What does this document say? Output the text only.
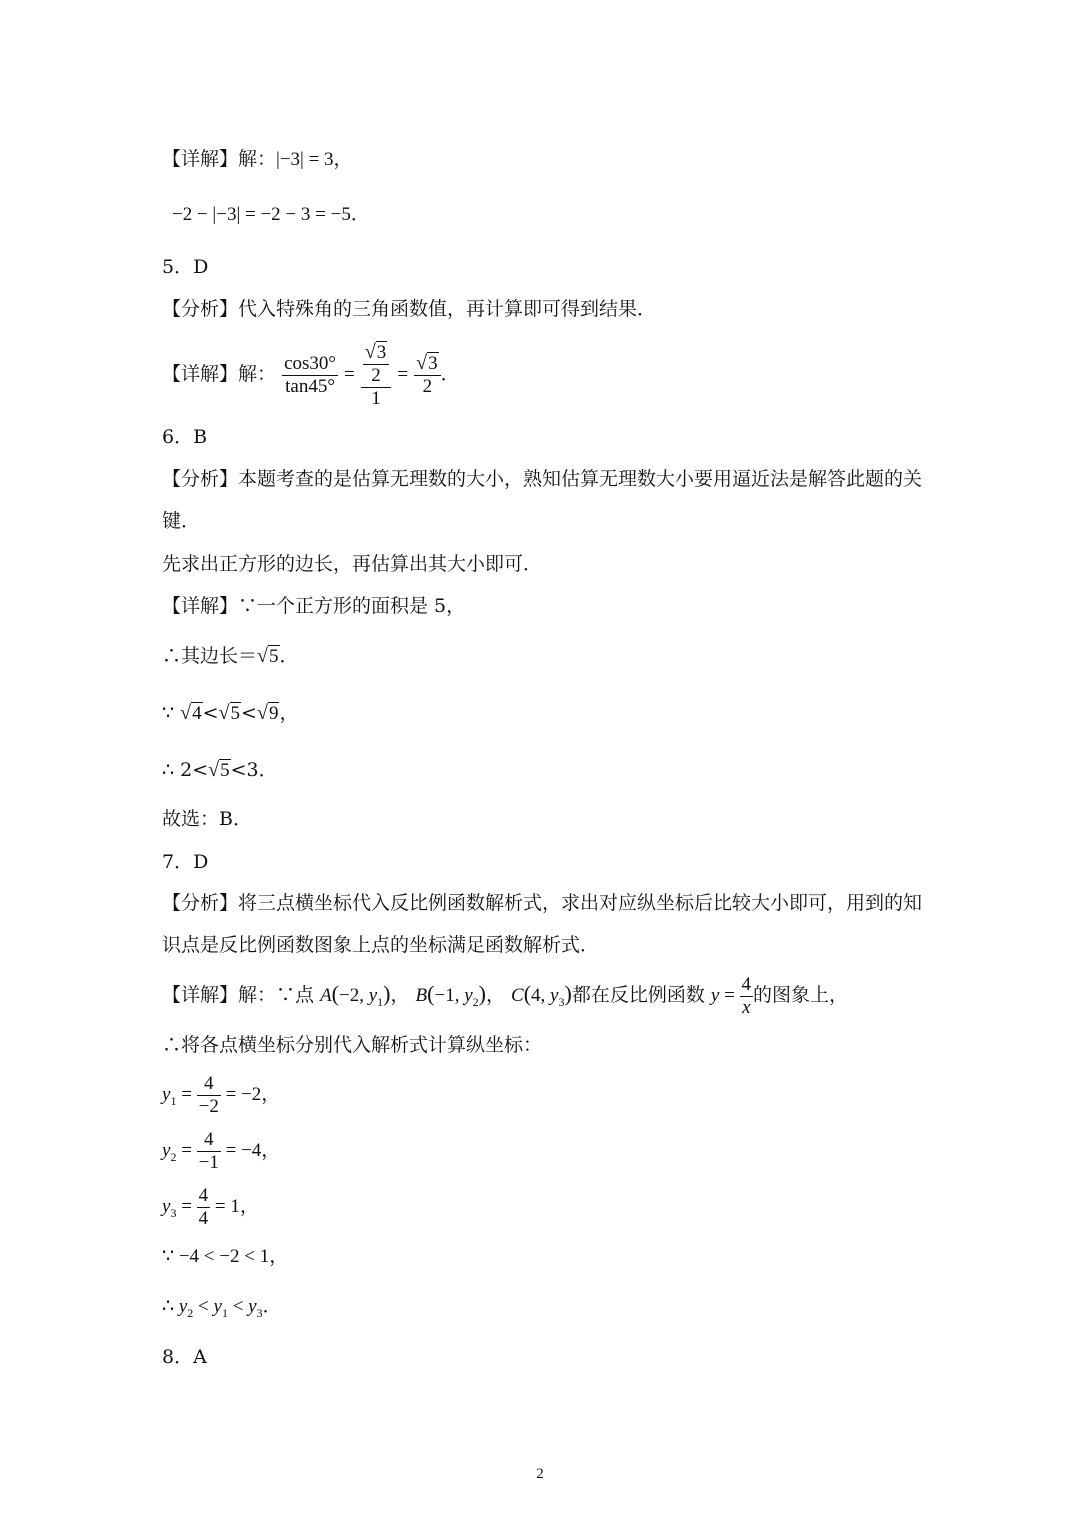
【详解】解：|−3| = 3，
−2 − |−3| = −2 − 3 = −5．
5．D
【分析】代入特殊角的三角函数值，再计算即可得到结果．
【详解】解： $\frac{\cos 30^\circ}{\tan 45^\circ} = \frac{\frac{√3}{2}}{1} = \frac{√3}{2}$ ．
6．B
【分析】本题考查的是估算无理数的大小，熟知估算无理数大小要用逼近法是解答此题的关
键．
先求出正方形的边长，再估算出其大小即可．
【详解】∵一个正方形的面积是 5，
∴其边长＝√5．
∵ √4<√5<√9，
∴ 2<√5<3．
故选：B．
7．D
【分析】将三点横坐标代入反比例函数解析式，求出对应纵坐标后比较大小即可，用到的知
识点是反比例函数图象上点的坐标满足函数解析式．
【详解】解：∵点 A(−2, $y_1$)， B(−1, $y_2$)， C(4, $y_3$)都在反比例函数 $y = \frac{4}{x}$ 的图象上，
∴将各点横坐标分别代入解析式计算纵坐标：
$y_1 = \frac{4}{-2} = -2$，
$y_2 = \frac{4}{-1} = -4$，
$y_3 = \frac{4}{4} = 1$，
∵ −4 < −2 < 1，
∴ $y_2 < y_1 < y_3$．
8．A
2
